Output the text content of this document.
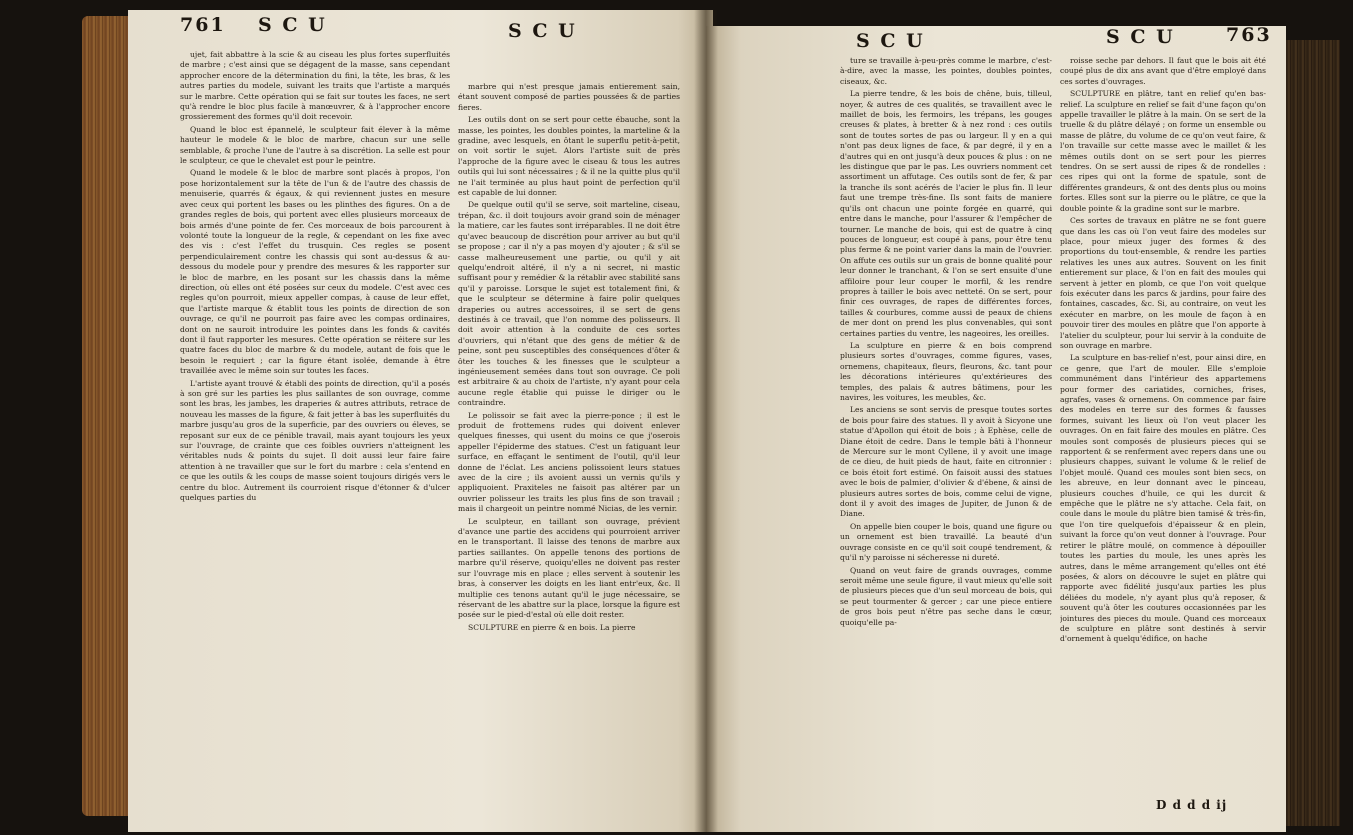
761 S C U	S C U

ujet, fait abbattre à la scie & au ciseau les plus fortes superfluités de marbre ; c'est ainsi que se dégagent de la masse, sans cependant approcher encore de la détermination du fini, la tête, les bras, & les autres parties du modele, suivant les traits que l'artiste a marqués sur le marbre. Cette opération qui se fait sur toutes les faces, ne sert qu'à rendre le bloc plus facile à manœuvrer, & à l'approcher encore grossierement des formes qu'il doit recevoir.

Quand le bloc est épannelé, le sculpteur fait élever à la même hauteur le modele & le bloc de marbre, chacun sur une selle semblable, & proche l'une de l'autre à sa discrétion. La selle est pour le sculpteur, ce que le chevalet est pour le peintre.

Quand le modele & le bloc de marbre sont placés à propos, l'on pose horizontalement sur la tête de l'un & de l'autre des chassis de menuiserie, quarrés & égaux, & qui reviennent justes en mesure avec ceux qui portent les bases ou les plinthes des figures. On a de grandes regles de bois, qui portent avec elles plusieurs morceaux de bois armés d'une pointe de fer. Ces morceaux de bois parcourent à volonté toute la longueur de la regle, & cependant on les fixe avec des vis : c'est l'effet du trusquin. Ces regles se posent perpendiculairement contre les chassis qui sont au-dessus & au-dessous du modele pour y prendre des mesures & les rapporter sur le bloc de marbre, en les posant sur les chassis dans la même direction, où elles ont été posées sur ceux du modele. C'est avec ces regles qu'on pourroit, mieux appeller compas, à cause de leur effet, que l'artiste marque & établit tous les points de direction de son ouvrage, ce qu'il ne pourroit pas faire avec les compas ordinaires, dont on ne sauroit introduire les pointes dans les fonds & cavités dont il faut rapporter les mesures. Cette opération se réitere sur les quatre faces du bloc de marbre & du modele, autant de fois que le besoin le requiert ; car la figure étant isolée, demande à être travaillée avec le même soin sur toutes les faces.

L'artiste ayant trouvé & établi des points de direction, qu'il a posés à son gré sur les parties les plus saillantes de son ouvrage, comme sont les bras, les jambes, les draperies & autres attributs, retrace de nouveau les masses de la figure, & fait jetter à bas les superfluités du marbre jusqu'au gros de la superficie, par des ouvriers ou éleves, se reposant sur eux de ce pénible travail, mais ayant toujours les yeux sur l'ouvrage, de crainte que ces foibles ouvriers n'atteignent les véritables nuds & points du sujet. Il doit aussi leur faire faire attention à ne travailler que sur le fort du marbre : cela s'entend en ce que les outils & les coups de masse soient toujours dirigés vers le centre du bloc. Autrement ils courroient risque d'étonner & d'ulcer quelques parties du

marbre qui n'est presque jamais entierement sain, étant souvent composé de parties poussées & de parties fieres.

Les outils dont on se sert pour cette ébauche, sont la masse, les pointes, les doubles pointes, la marteline & la gradine, avec lesquels, en ôtant le superflu petit-à-petit, on voit sortir le sujet. Alors l'artiste suit de près l'approche de la figure avec le ciseau & tous les autres outils qui lui sont nécessaires ; & il ne la quitte plus qu'il ne l'ait terminée au plus haut point de perfection qu'il est capable de lui donner.

De quelque outil qu'il se serve, soit marteline, ciseau, trépan, &c. il doit toujours avoir grand soin de ménager la matiere, car les fautes sont irréparables. Il ne doit être qu'avec beaucoup de discrétion pour arriver au but qu'il se propose ; car il n'y a pas moyen d'y ajouter ; & s'il se casse malheureusement une partie, ou qu'il y ait quelqu'endroit altéré, il n'y a ni secret, ni mastic suffisant pour y remédier & la rétablir avec stabilité sans qu'il y paroisse. Lorsque le sujet est totalement fini, & que le sculpteur se détermine à faire polir quelques draperies ou autres accessoires, il se sert de gens destinés à ce travail, que l'on nomme des polisseurs. Il doit avoir attention à la conduite de ces sortes d'ouvriers, qui n'étant que des gens de métier & de peine, sont peu susceptibles des conséquences d'ôter & ôter les touches & les finesses que le sculpteur a ingénieusement semées dans tout son ouvrage. Ce poli est arbitraire & au choix de l'artiste, n'y ayant pour cela aucune regle établie qui puisse le diriger ou le contraindre.

Le polissoir se fait avec la pierre-ponce ; il est le produit de frottemens rudes qui doivent enlever quelques finesses, qui usent du moins ce que j'oserois appeller l'épiderme des statues. C'est un fatiguant leur surface, en effaçant le sentiment de l'outil, qu'il leur donne de l'éclat. Les anciens polissoient leurs statues avec de la cire ; ils avoient aussi un vernis qu'ils y appliquoient. Praxiteles ne faisoit pas altérer par un ouvrier polisseur les traits les plus fins de son travail ; mais il chargeoit un peintre nommé Nicias, de les vernir.

Le sculpteur, en taillant son ouvrage, prévient d'avance une partie des accidens qui pourroient arriver en le transportant. Il laisse des tenons de marbre aux parties saillantes. On appelle tenons des portions de marbre qu'il réserve, quoiqu'elles ne doivent pas rester sur l'ouvrage mis en place ; elles servent à soutenir les bras, à conserver les doigts en les liant entr'eux, &c. Il multiplie ces tenons autant qu'il le juge nécessaire, se réservant de les abattre sur la place, lorsque la figure est posée sur le pied-d'estal où elle doit rester.

SCULPTURE en pierre & en bois. La pierre

S C U	S C U	763

ture se travaille à-peu-près comme le marbre, c'est-à-dire, avec la masse, les pointes, doubles pointes, ciseaux, &c.

La pierre tendre, & les bois de chêne, buis, tilleul, noyer, & autres de ces qualités, se travaillent avec le maillet de bois, les fermoirs, les trépans, les gouges creuses & plates, à bretter & à nez rond : ces outils sont de toutes sortes de pas ou largeur. Il y en a qui n'ont pas deux lignes de face, & par degré, il y en a d'autres qui en ont jusqu'à deux pouces & plus : on ne les distingue que par le pas. Les ouvriers nomment cet assortiment un affutage. Ces outils sont de fer, & par la tranche ils sont acérés de l'acier le plus fin. Il leur faut une trempe très-fine. Ils sont faits de maniere qu'ils ont chacun une pointe forgée en quarré, qui entre dans le manche, pour l'assurer & l'empêcher de tourner. Le manche de bois, qui est de quatre à cinq pouces de longueur, est coupé à pans, pour être tenu plus ferme & ne point varier dans la main de l'ouvrier. On affute ces outils sur un grais de bonne qualité pour leur donner le tranchant, & l'on se sert ensuite d'une affiloire pour leur couper le morfil, & les rendre propres à tailler le bois avec netteté. On se sert, pour finir ces ouvrages, de rapes de différentes forces, tailles & courbures, comme aussi de peaux de chiens de mer dont on prend les plus convenables, qui sont certaines parties du ventre, les nageoires, les oreilles.

La sculpture en pierre & en bois comprend plusieurs sortes d'ouvrages, comme figures, vases, ornemens, chapiteaux, fleurs, fleurons, &c. tant pour les décorations intérieures qu'extérieures des temples, des palais & autres bâtimens, pour les navires, les voitures, les meubles, &c.

Les anciens se sont servis de presque toutes sortes de bois pour faire des statues. Il y avoit à Sicyone une statue d'Apollon qui étoit de bois ; à Ephèse, celle de Diane étoit de cedre. Dans le temple bâti à l'honneur de Mercure sur le mont Cyllene, il y avoit une image de ce dieu, de huit pieds de haut, faite en citronnier : ce bois étoit fort estimé. On faisoit aussi des statues avec le bois de palmier, d'olivier & d'ébene, & ainsi de plusieurs autres sortes de bois, comme celui de vigne, dont il y avoit des images de Jupiter, de Junon & de Diane.

On appelle bien couper le bois, quand une figure ou un ornement est bien travaillé. La beauté d'un ouvrage consiste en ce qu'il soit coupé tendrement, & qu'il n'y paroisse ni sécheresse ni dureté.

Quand on veut faire de grands ouvrages, comme seroit même une seule figure, il vaut mieux qu'elle soit de plusieurs pieces que d'un seul morceau de bois, qui se peut tourmenter & gercer ; car une piece entiere de gros bois peut n'être pas seche dans le cœur, quoiqu'elle pa-

roisse seche par dehors. Il faut que le bois ait été coupé plus de dix ans avant que d'être employé dans ces sortes d'ouvrages.

SCULPTURE en plâtre, tant en relief qu'en bas-relief. La sculpture en relief se fait d'une façon qu'on appelle travailler le plâtre à la main. On se sert de la truelle & du plâtre délayé ; on forme un ensemble ou masse de plâtre, du volume de ce qu'on veut faire, & l'on travaille sur cette masse avec le maillet & les mêmes outils dont on se sert pour les pierres tendres. On se sert aussi de ripes & de rondelles : ces ripes qui ont la forme de spatule, sont de différentes grandeurs, & ont des dents plus ou moins fortes. Elles sont sur la pierre ou le plâtre, ce que la double pointe & la gradine sont sur le marbre.

Ces sortes de travaux en plâtre ne se font guere que dans les cas où l'on veut faire des modeles sur place, pour mieux juger des formes & des proportions du tout-ensemble, & rendre les parties relatives les unes aux autres. Souvent on les finit entierement sur place, & l'on en fait des moules qui servent à jetter en plomb, ce que l'on voit quelque fois exécuter dans les parcs & jardins, pour faire des fontaines, cascades, &c. Si, au contraire, on veut les exécuter en marbre, on les moule de façon à en pouvoir tirer des moules en plâtre que l'on apporte à l'atelier du sculpteur, pour lui servir à la conduite de son ouvrage en marbre.

La sculpture en bas-relief n'est, pour ainsi dire, en ce genre, que l'art de mouler. Elle s'emploie communément dans l'intérieur des appartemens pour former des cariatides, corniches, frises, agrafes, vases & ornemens. On commence par faire des modeles en terre sur des formes & fausses formes, suivant les lieux où l'on veut placer les ouvrages. On en fait faire des moules en plâtre. Ces moules sont composés de plusieurs pieces qui se rapportent & se renferment avec repers dans une ou plusieurs chappes, suivant le volume & le relief de l'objet moulé. Quand ces moules sont bien secs, on les abreuve, en leur donnant avec le pinceau, plusieurs couches d'huile, ce qui les durcit & empêche que le plâtre ne s'y attache. Cela fait, on coule dans le moule du plâtre bien tamisé & très-fin, que l'on tire quelquefois d'épaisseur & en plein, suivant la force qu'on veut donner à l'ouvrage. Pour retirer le plâtre moulé, on commence à dépouiller toutes les parties du moule, les unes après les autres, dans le même arrangement qu'elles ont été posées, & alors on découvre le sujet en plâtre qui rapporte avec fidélité jusqu'aux parties les plus déliées du modele, n'y ayant plus qu'à reposer, & souvent qu'à ôter les coutures occasionnées par les jointures des pieces du moule. Quand ces morceaux de sculpture en plâtre sont destinés à servir d'ornement à quelqu'édifice, on hache

D d d d ij
